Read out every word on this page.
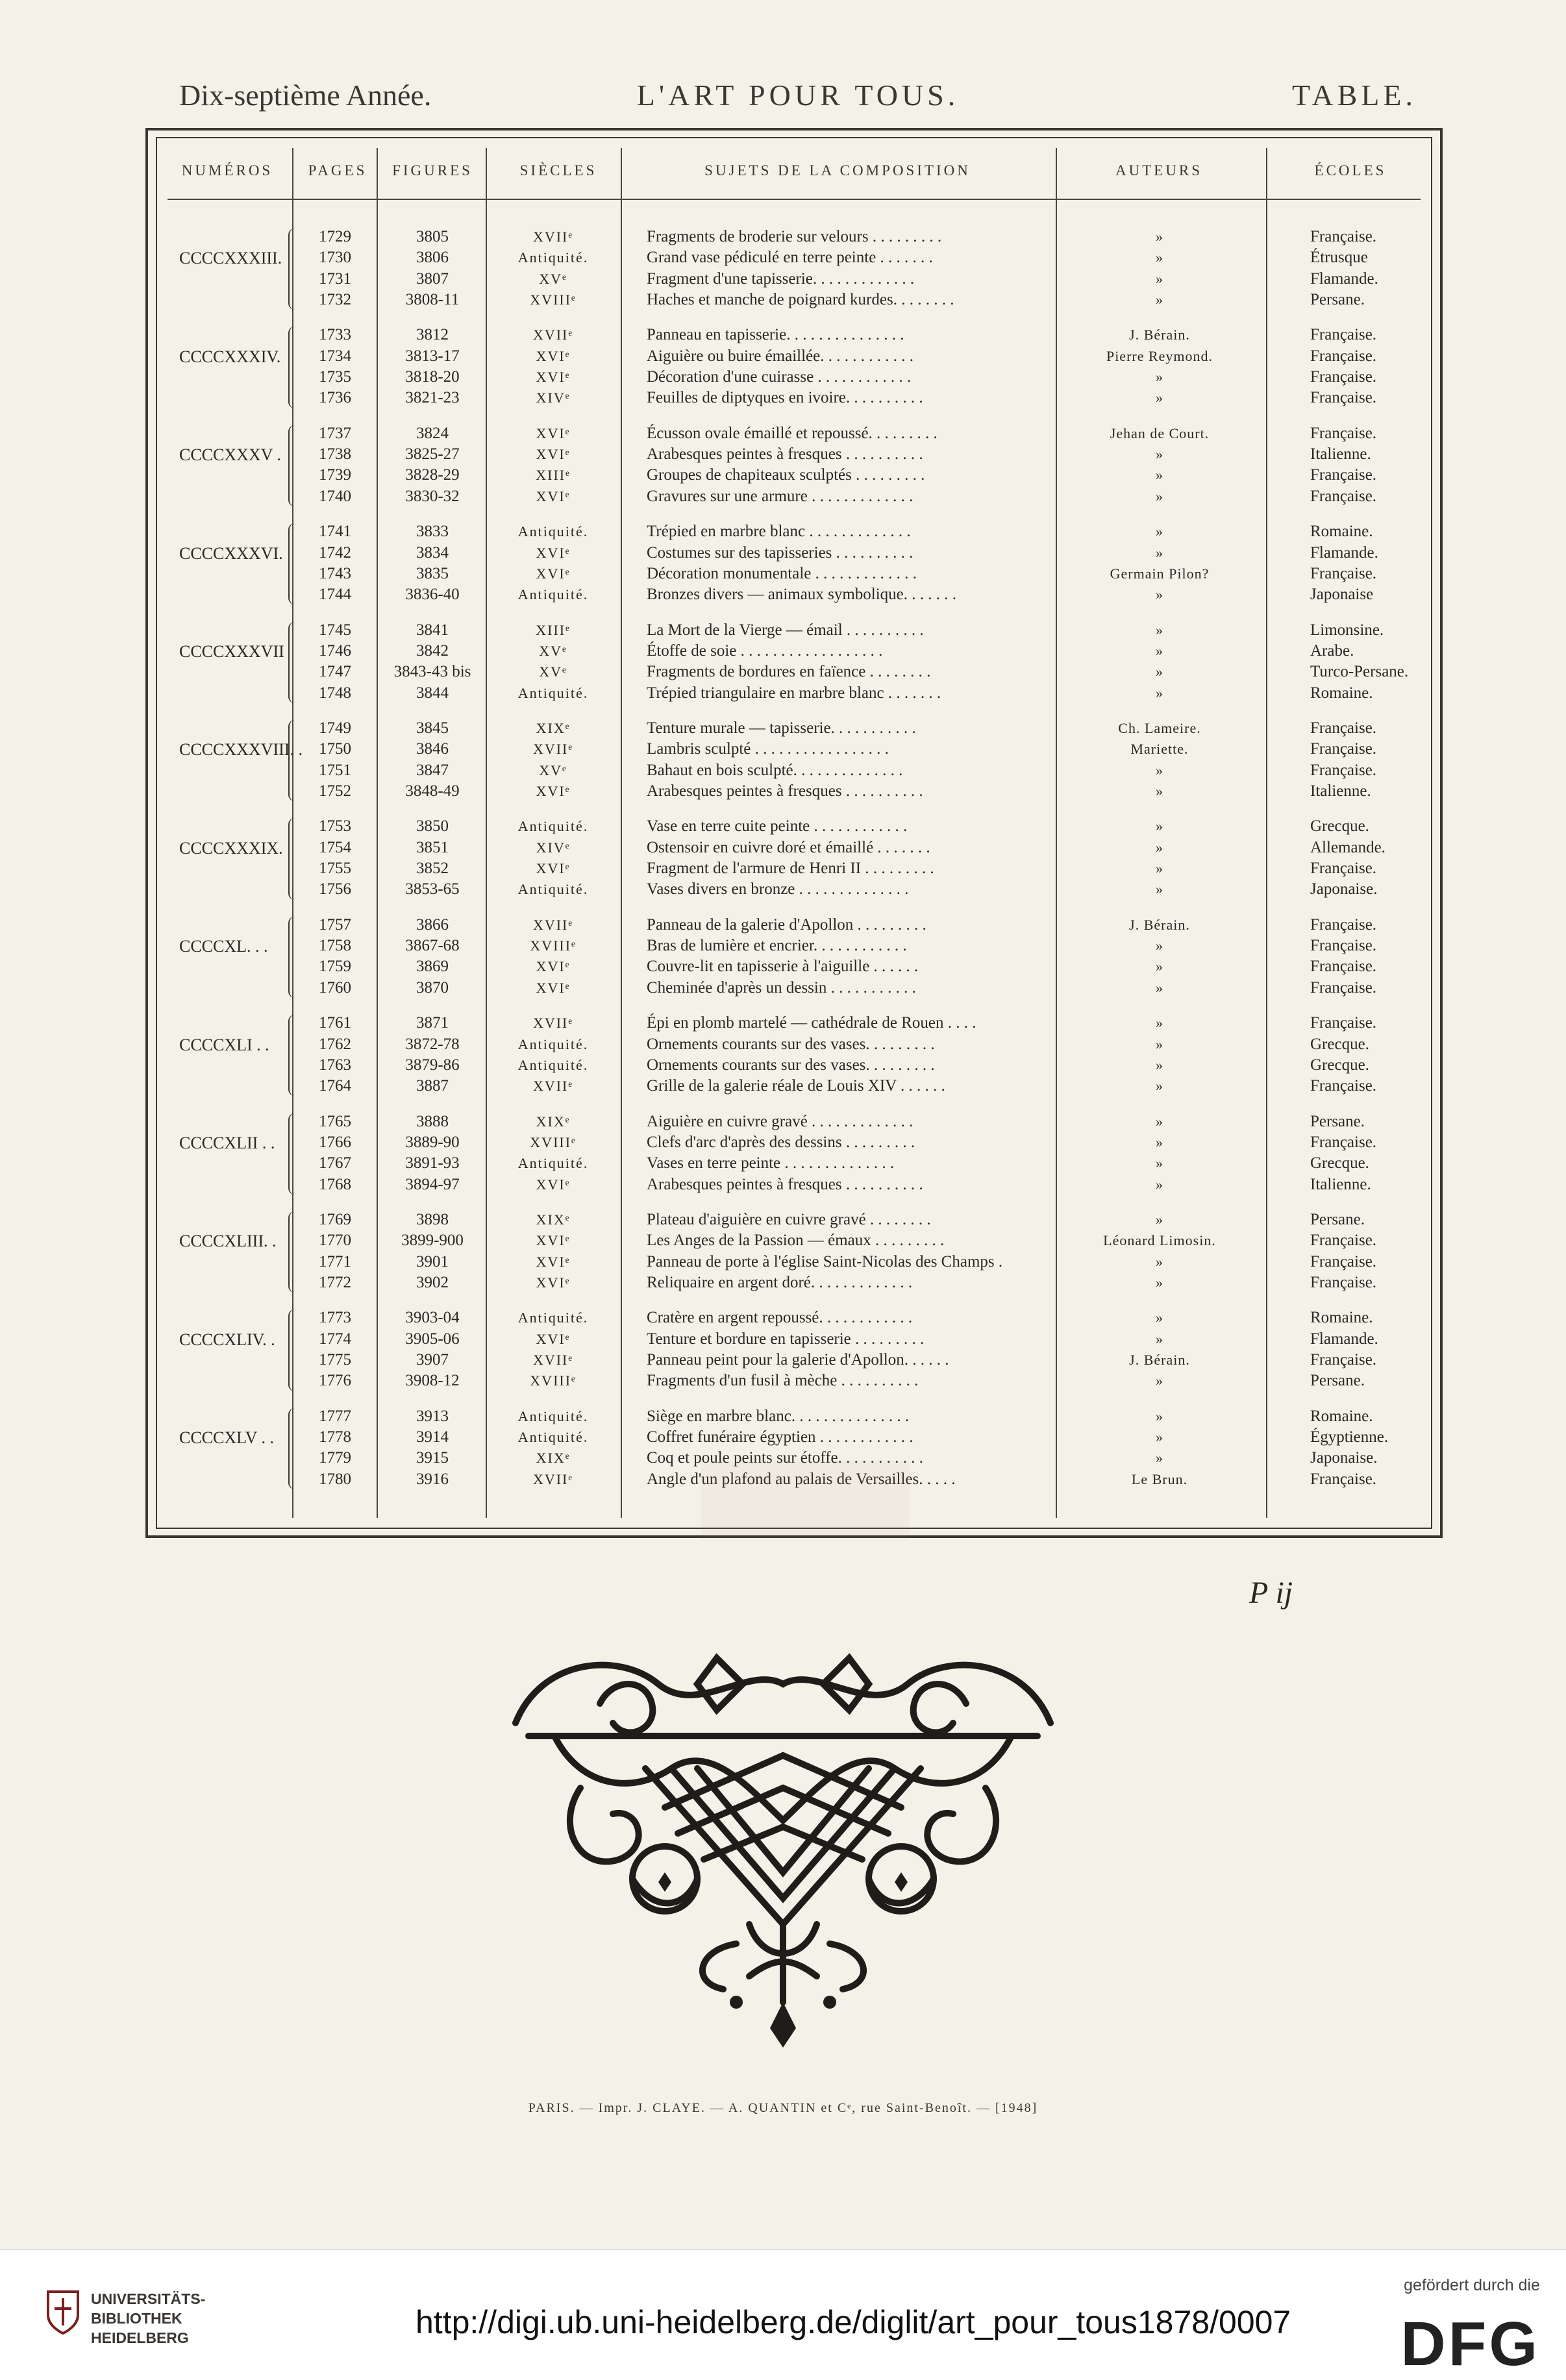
Dix-septième Année.	L'ART POUR TOUS.	TABLE.
NUMÉROS	PAGES	FIGURES	SIÈCLES	SUJETS DE LA COMPOSITION	AUTEURS	ÉCOLES
CCCCXXXIII.
1729	3805	XVIIᵉ	Fragments de broderie sur velours . . . . . . . . .	»	Française.
1730	3806	Antiquité.	Grand vase pédiculé en terre peinte . . . . . . .	»	Étrusque
1731	3807	XVᵉ	Fragment d'une tapisserie. . . . . . . . . . . . .	»	Flamande.
1732	3808-11	XVIIIᵉ	Haches et manche de poignard kurdes. . . . . . . .	»	Persane.
CCCCXXXIV.
1733	3812	XVIIᵉ	Panneau en tapisserie. . . . . . . . . . . . . . .	J. Bérain.	Française.
1734	3813-17	XVIᵉ	Aiguière ou buire émaillée. . . . . . . . . . . .	Pierre Reymond.	Française.
1735	3818-20	XVIᵉ	Décoration d'une cuirasse . . . . . . . . . . . .	»	Française.
1736	3821-23	XIVᵉ	Feuilles de diptyques en ivoire. . . . . . . . . .	»	Française.
CCCCXXXV .
1737	3824	XVIᵉ	Écusson ovale émaillé et repoussé. . . . . . . . .	Jehan de Court.	Française.
1738	3825-27	XVIᵉ	Arabesques peintes à fresques . . . . . . . . . .	»	Italienne.
1739	3828-29	XIIIᵉ	Groupes de chapiteaux sculptés . . . . . . . . .	»	Française.
1740	3830-32	XVIᵉ	Gravures sur une armure . . . . . . . . . . . . .	»	Française.
CCCCXXXVI.
1741	3833	Antiquité.	Trépied en marbre blanc . . . . . . . . . . . . .	»	Romaine.
1742	3834	XVIᵉ	Costumes sur des tapisseries . . . . . . . . . .	»	Flamande.
1743	3835	XVIᵉ	Décoration monumentale . . . . . . . . . . . . .	Germain Pilon?	Française.
1744	3836-40	Antiquité.	Bronzes divers — animaux symbolique. . . . . . .	»	Japonaise
CCCCXXXVII
1745	3841	XIIIᵉ	La Mort de la Vierge — émail . . . . . . . . . .	»	Limonsine.
1746	3842	XVᵉ	Étoffe de soie . . . . . . . . . . . . . . . . . .	»	Arabe.
1747	3843-43 bis	XVᵉ	Fragments de bordures en faïence . . . . . . . .	»	Turco-Persane.
1748	3844	Antiquité.	Trépied triangulaire en marbre blanc . . . . . . .	»	Romaine.
CCCCXXXVIII. .
1749	3845	XIXᵉ	Tenture murale — tapisserie. . . . . . . . . . .	Ch. Lameire.	Française.
1750	3846	XVIIᵉ	Lambris sculpté . . . . . . . . . . . . . . . . .	Mariette.	Française.
1751	3847	XVᵉ	Bahaut en bois sculpté. . . . . . . . . . . . . .	»	Française.
1752	3848-49	XVIᵉ	Arabesques peintes à fresques . . . . . . . . . .	»	Italienne.
CCCCXXXIX.
1753	3850	Antiquité.	Vase en terre cuite peinte . . . . . . . . . . . .	»	Grecque.
1754	3851	XIVᵉ	Ostensoir en cuivre doré et émaillé . . . . . . .	»	Allemande.
1755	3852	XVIᵉ	Fragment de l'armure de Henri II . . . . . . . . .	»	Française.
1756	3853-65	Antiquité.	Vases divers en bronze . . . . . . . . . . . . . .	»	Japonaise.
CCCCXL. . .
1757	3866	XVIIᵉ	Panneau de la galerie d'Apollon . . . . . . . . .	J. Bérain.	Française.
1758	3867-68	XVIIIᵉ	Bras de lumière et encrier. . . . . . . . . . . .	»	Française.
1759	3869	XVIᵉ	Couvre-lit en tapisserie à l'aiguille . . . . . .	»	Française.
1760	3870	XVIᵉ	Cheminée d'après un dessin . . . . . . . . . . .	»	Française.
CCCCXLI . .
1761	3871	XVIIᵉ	Épi en plomb martelé — cathédrale de Rouen . . . .	»	Française.
1762	3872-78	Antiquité.	Ornements courants sur des vases. . . . . . . . .	»	Grecque.
1763	3879-86	Antiquité.	Ornements courants sur des vases. . . . . . . . .	»	Grecque.
1764	3887	XVIIᵉ	Grille de la galerie réale de Louis XIV . . . . . .	»	Française.
CCCCXLII . .
1765	3888	XIXᵉ	Aiguière en cuivre gravé . . . . . . . . . . . . .	»	Persane.
1766	3889-90	XVIIIᵉ	Clefs d'arc d'après des dessins . . . . . . . . .	»	Française.
1767	3891-93	Antiquité.	Vases en terre peinte . . . . . . . . . . . . . .	»	Grecque.
1768	3894-97	XVIᵉ	Arabesques peintes à fresques . . . . . . . . . .	»	Italienne.
CCCCXLIII. .
1769	3898	XIXᵉ	Plateau d'aiguière en cuivre gravé . . . . . . . .	»	Persane.
1770	3899-900	XVIᵉ	Les Anges de la Passion — émaux . . . . . . . . .	Léonard Limosin.	Française.
1771	3901	XVIᵉ	Panneau de porte à l'église Saint-Nicolas des Champs .	»	Française.
1772	3902	XVIᵉ	Reliquaire en argent doré. . . . . . . . . . . . .	»	Française.
CCCCXLIV. .
1773	3903-04	Antiquité.	Cratère en argent repoussé. . . . . . . . . . . .	»	Romaine.
1774	3905-06	XVIᵉ	Tenture et bordure en tapisserie . . . . . . . . .	»	Flamande.
1775	3907	XVIIᵉ	Panneau peint pour la galerie d'Apollon. . . . . .	J. Bérain.	Française.
1776	3908-12	XVIIIᵉ	Fragments d'un fusil à mèche . . . . . . . . . .	»	Persane.
CCCCXLV . .
1777	3913	Antiquité.	Siège en marbre blanc. . . . . . . . . . . . . . .	»	Romaine.
1778	3914	Antiquité.	Coffret funéraire égyptien . . . . . . . . . . . .	»	Égyptienne.
1779	3915	XIXᵉ	Coq et poule peints sur étoffe. . . . . . . . . . .	»	Japonaise.
1780	3916	XVIIᵉ	Angle d'un plafond au palais de Versailles. . . . .	Le Brun.	Française.
P ij
PARIS. — Impr. J. CLAYE. — A. QUANTIN et Cᵉ, rue Saint-Benoît. — [1948]
UNIVERSITÄTS-
BIBLIOTHEK
HEIDELBERG	http://digi.ub.uni-heidelberg.de/diglit/art_pour_tous1878/0007
gefördert durch die
DFG
